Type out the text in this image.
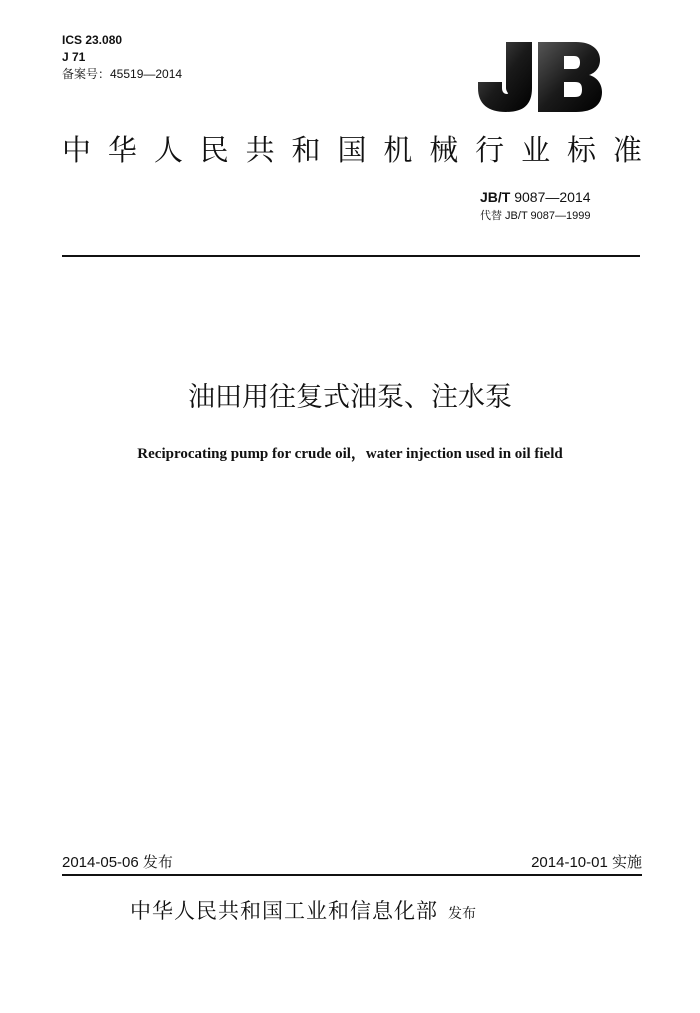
ICS 23.080
J 71
备案号：45519—2014
中 华 人 民 共 和 国 机 械 行 业 标 准
JB/T 9087—2014
代替 JB/T 9087—1999
油田用往复式油泵、注水泵
Reciprocating pump for crude oil，water injection used in oil field
2014-05-06 发布	2014-10-01 实施
中华人民共和国工业和信息化部 发布
